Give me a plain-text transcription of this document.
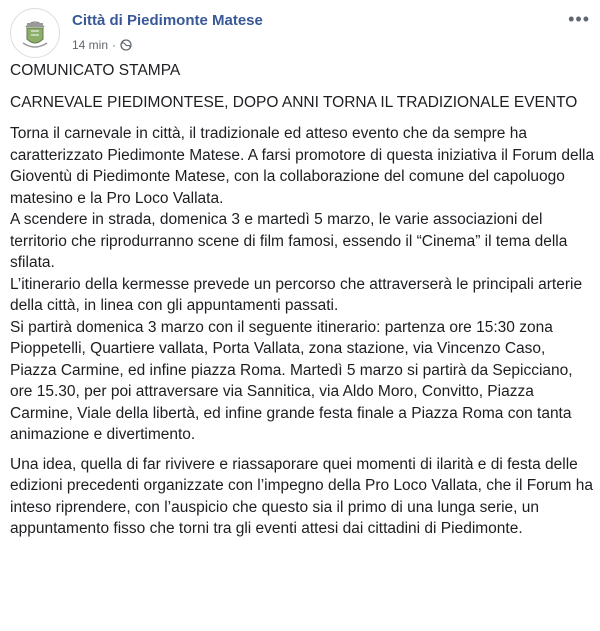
Città di Piedimonte Matese
14 min ·
•••

COMUNICATO STAMPA

CARNEVALE PIEDIMONTESE, DOPO ANNI TORNA IL TRADIZIONALE EVENTO

Torna il carnevale in città, il tradizionale ed atteso evento che da sempre ha caratterizzato Piedimonte Matese. A farsi promotore di questa iniziativa il Forum della Gioventù di Piedimonte Matese, con la collaborazione del comune del capoluogo matesino e la Pro Loco Vallata.

A scendere in strada, domenica 3 e martedì 5 marzo, le varie associazioni del territorio che riprodurranno scene di film famosi, essendo il “Cinema” il tema della sfilata.

L’itinerario della kermesse prevede un percorso che attraverserà le principali arterie della città, in linea con gli appuntamenti passati.

Si partirà domenica 3 marzo con il seguente itinerario: partenza ore 15:30 zona Pioppetelli, Quartiere vallata, Porta Vallata, zona stazione, via Vincenzo Caso, Piazza Carmine, ed infine piazza Roma. Martedì 5 marzo si partirà da Sepicciano, ore 15.30, per poi attraversare via Sannitica, via Aldo Moro, Convitto, Piazza Carmine, Viale della libertà, ed infine grande festa finale a Piazza Roma con tanta animazione e divertimento.

Una idea, quella di far rivivere e riassaporare quei momenti di ilarità e di festa delle edizioni precedenti organizzate con l’impegno della Pro Loco Vallata, che il Forum ha inteso riprendere, con l’auspicio che questo sia il primo di una lunga serie, un appuntamento fisso che torni tra gli eventi attesi dai cittadini di Piedimonte.
